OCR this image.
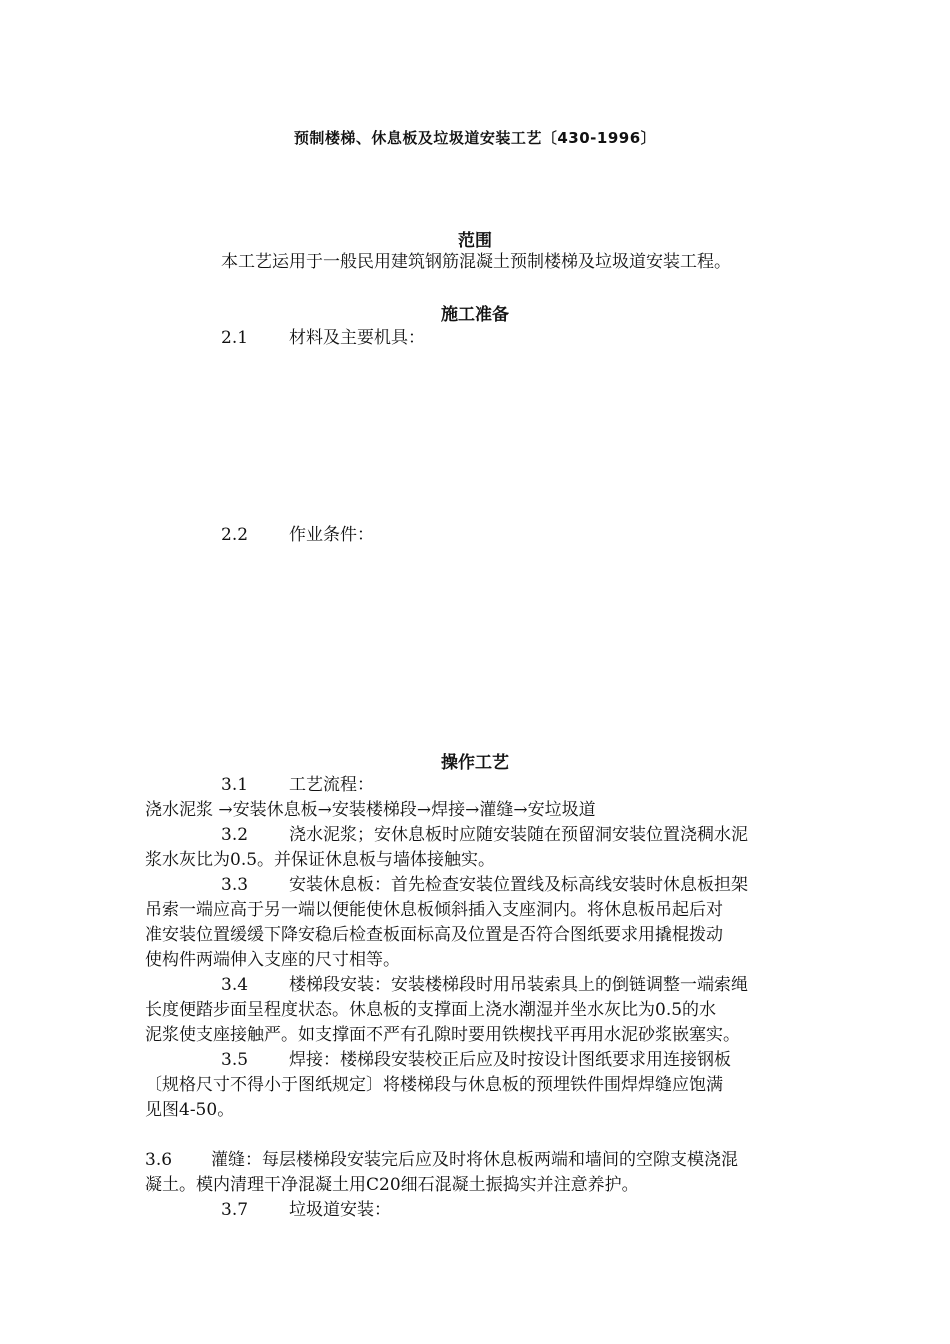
预制楼梯、休息板及垃圾道安装工艺〔430-1996〕
范围
本工艺运用于一般民用建筑钢筋混凝土预制楼梯及垃圾道安装工程。
施工准备
2.1 材料及主要机具：
2.2 作业条件：
操作工艺
3.1 工艺流程：
浇水泥浆 →安装休息板→安装楼梯段→焊接→灌缝→安垃圾道
3.2 浇水泥浆；安休息板时应随安装随在预留洞安装位置浇稠水泥
浆水灰比为0.5。并保证休息板与墙体接触实。
3.3 安装休息板：首先检查安装位置线及标高线安装时休息板担架
吊索一端应高于另一端以便能使休息板倾斜插入支座洞内。将休息板吊起后对
准安装位置缓缓下降安稳后检查板面标高及位置是否符合图纸要求用撬棍拨动
使构件两端伸入支座的尺寸相等。
3.4 楼梯段安装：安装楼梯段时用吊装索具上的倒链调整一端索绳
长度便踏步面呈程度状态。休息板的支撑面上浇水潮湿并坐水灰比为0.5的水
泥浆使支座接触严。如支撑面不严有孔隙时要用铁楔找平再用水泥砂浆嵌塞实。
3.5 焊接：楼梯段安装校正后应及时按设计图纸要求用连接钢板
〔规格尺寸不得小于图纸规定〕将楼梯段与休息板的预埋铁件围焊焊缝应饱满
见图4-50。
3.6 灌缝：每层楼梯段安装完后应及时将休息板两端和墙间的空隙支模浇混
凝土。模内清理干净混凝土用C20细石混凝土振捣实并注意养护。
3.7 垃圾道安装：
